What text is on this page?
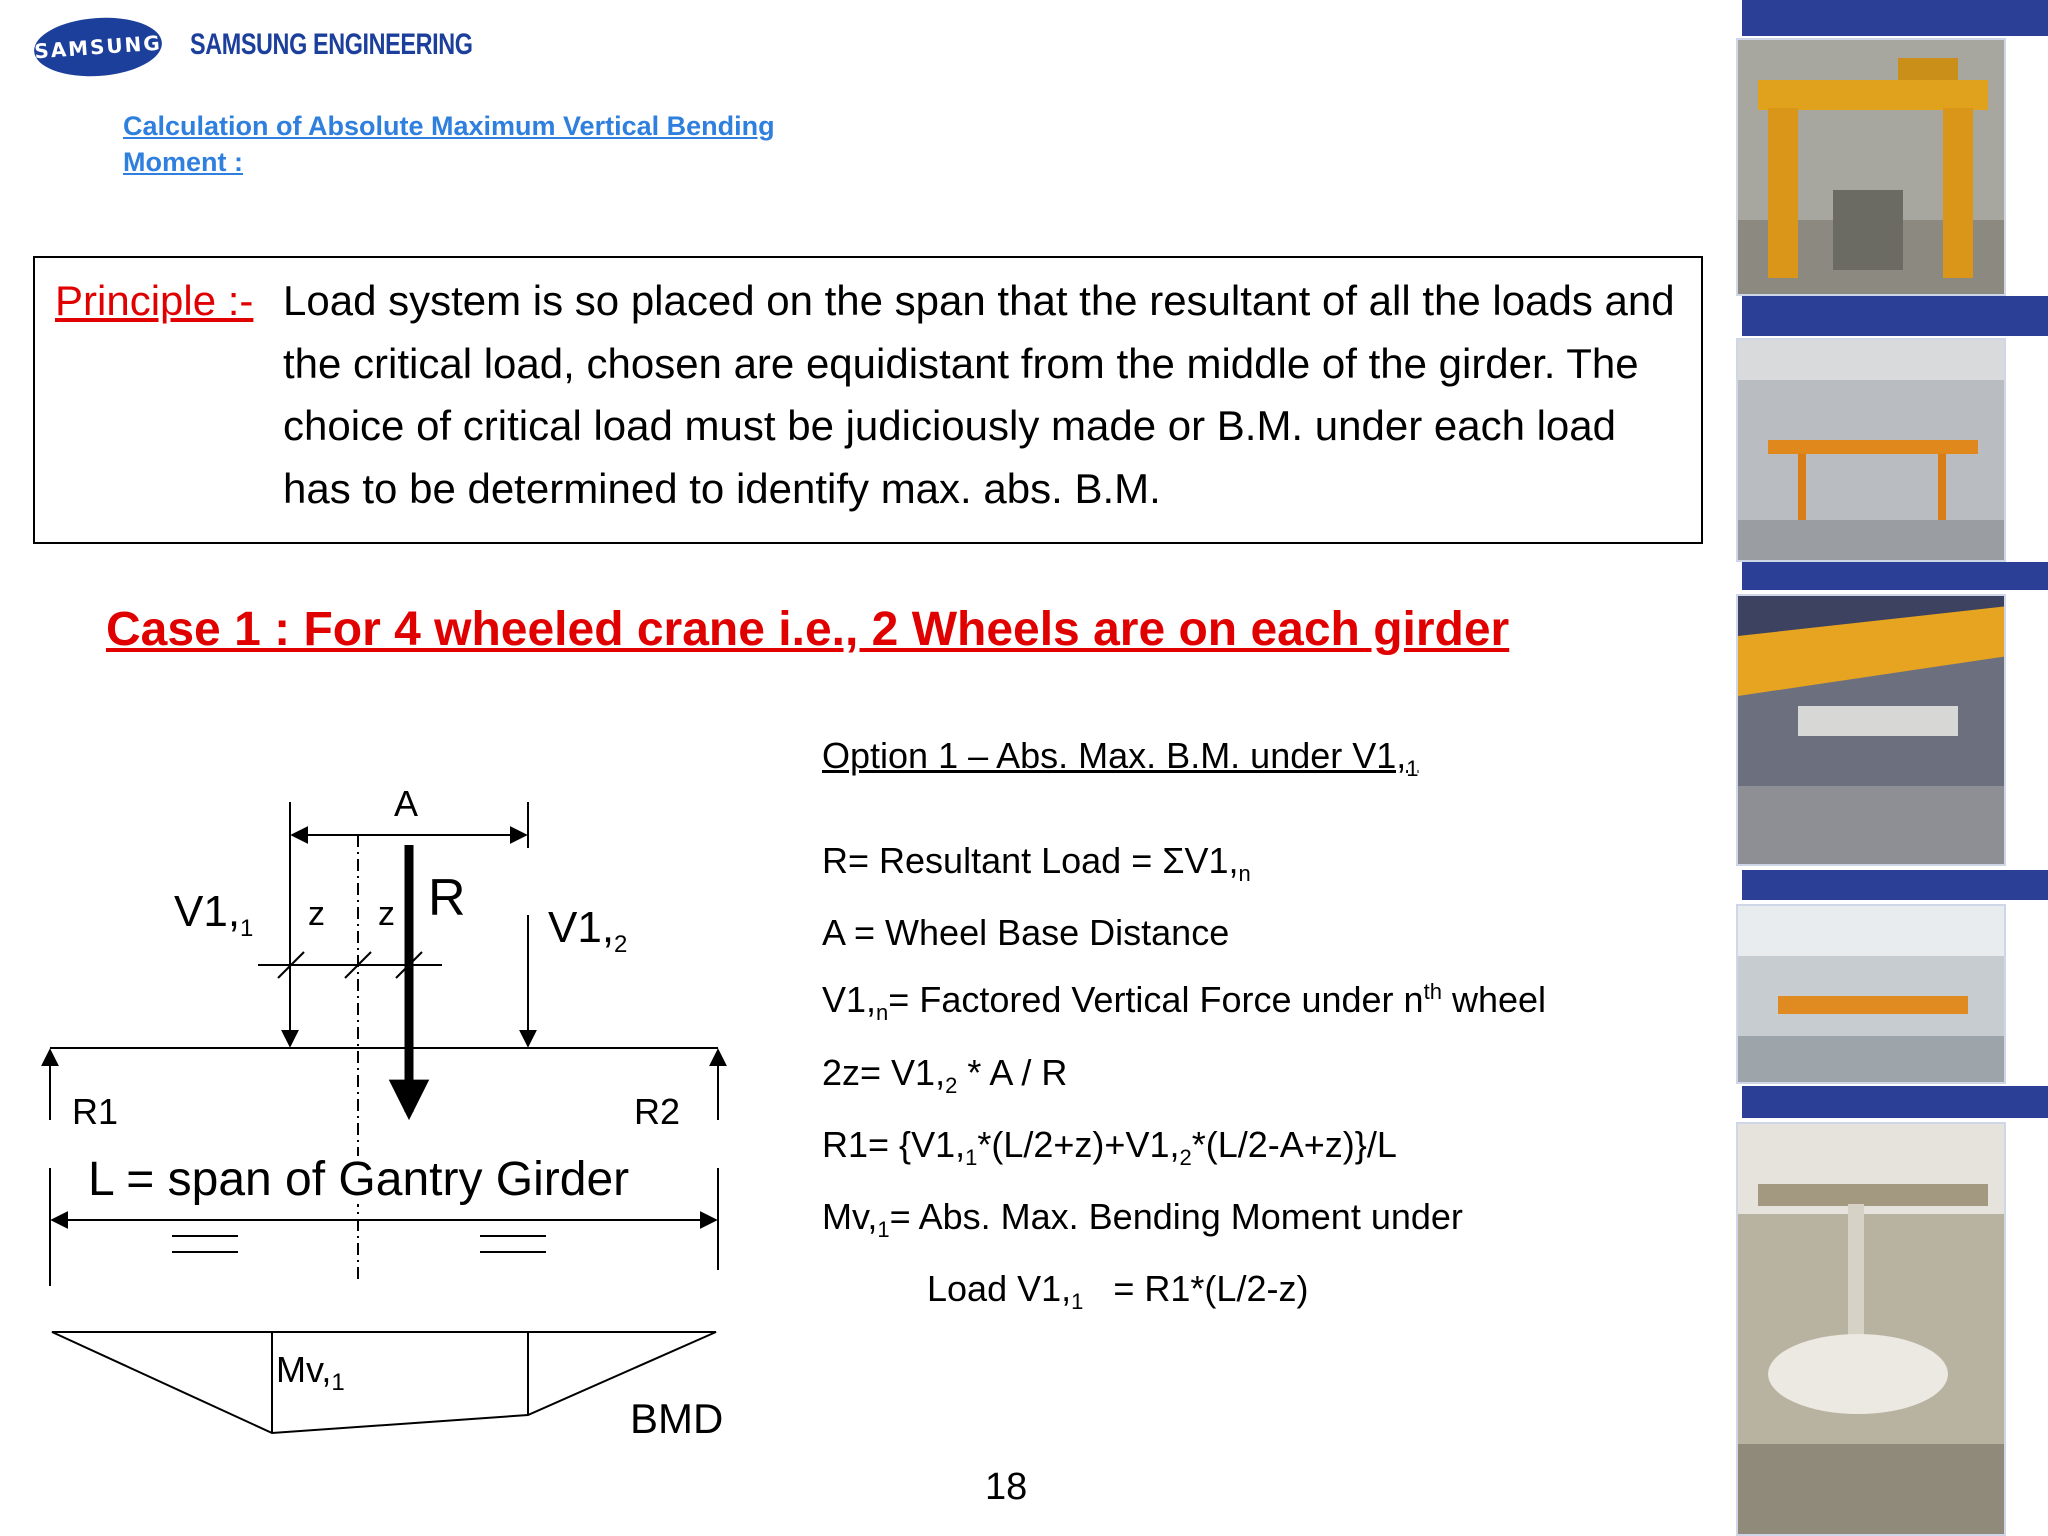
SAMSUNG SAMSUNG ENGINEERING
Calculation of Absolute Maximum Vertical Bending Moment :
Principle :- Load system is so placed on the span that the resultant of all the loads and the critical load, chosen are equidistant from the middle of the girder. The choice of critical load must be judiciously made or B.M. under each load has to be determined to identify max. abs. B.M.
Case 1 : For 4 wheeled crane i.e., 2 Wheels are on each girder
A
R
z z
$V1,_1$	$V1,_2$
R1	R2
L = span of Gantry Girder
$Mv,_1$
BMD
Option 1 – Abs. Max. B.M. under $V1,_1$
R= Resultant Load = $\Sigma V1,_n$
A = Wheel Base Distance
$V1,_n=$ Factored Vertical Force under $n^{th}$ wheel
$2z= V1,_2 * A / R$
$R1= \{V1,_1*(L/2+z)+V1,_2*(L/2-A+z)\}/L$
$Mv,_1=$ Abs. Max. Bending Moment under
Load $V1,_1 = R1*(L/2-z)$
18
